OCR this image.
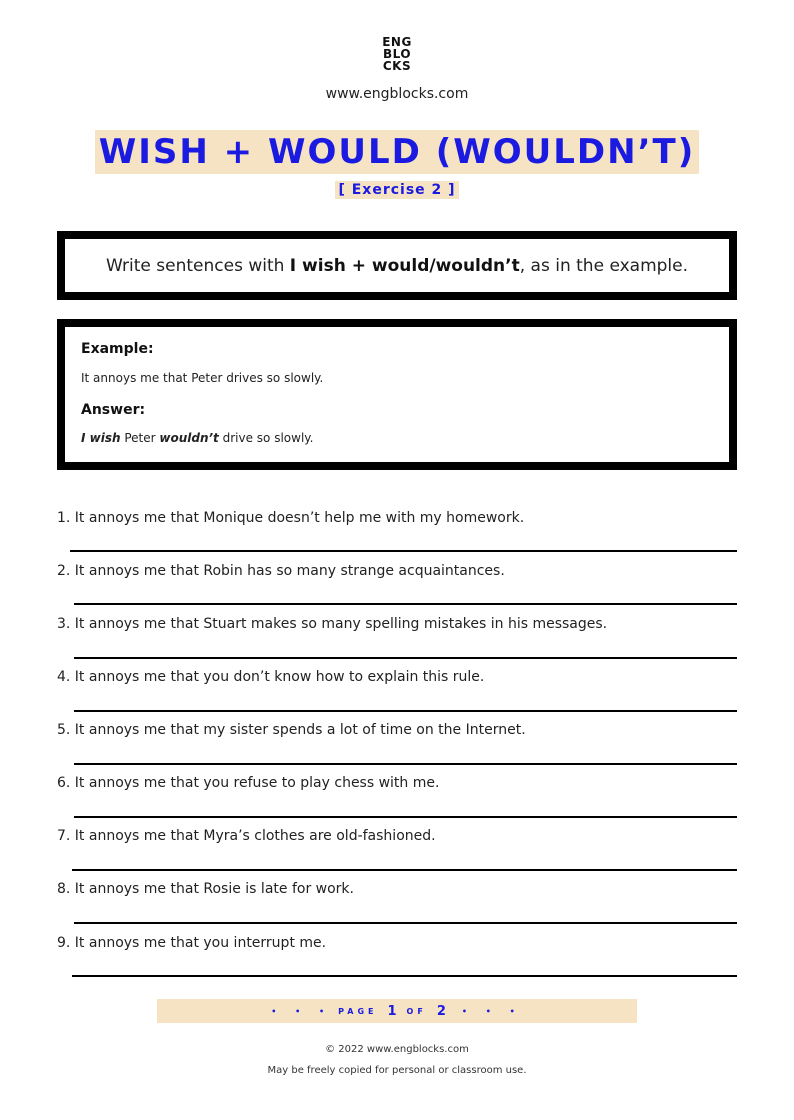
ENG
BLO
CKS
www.engblocks.com
WISH + WOULD (WOULDN’T)
[ Exercise 2 ]
Write sentences with I wish + would/wouldn’t, as in the example.
Example:
It annoys me that Peter drives so slowly.
Answer:
I wish Peter wouldn’t drive so slowly.
1. It annoys me that Monique doesn’t help me with my homework.
2. It annoys me that Robin has so many strange acquaintances.
3. It annoys me that Stuart makes so many spelling mistakes in his messages.
4. It annoys me that you don’t know how to explain this rule.
5. It annoys me that my sister spends a lot of time on the Internet.
6. It annoys me that you refuse to play chess with me.
7. It annoys me that Myra’s clothes are old-fashioned.
8. It annoys me that Rosie is late for work.
9. It annoys me that you interrupt me.
• • • PAGE 1 OF 2 • • •
© 2022 www.engblocks.com
May be freely copied for personal or classroom use.
